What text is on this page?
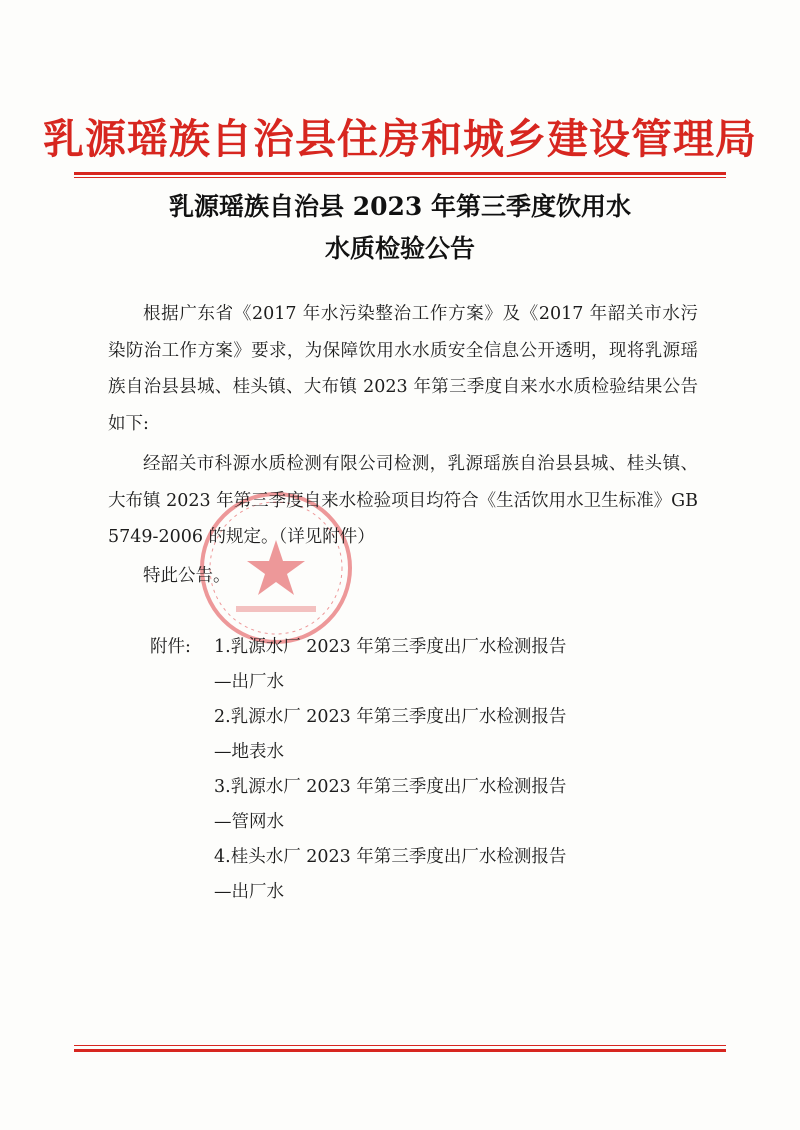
乳源瑶族自治县住房和城乡建设管理局
乳源瑶族自治县 2023 年第三季度饮用水
水质检验公告

根据广东省《2017 年水污染整治工作方案》及《2017 年韶关市水污染防治工作方案》要求，为保障饮用水水质安全信息公开透明，现将乳源瑶族自治县县城、桂头镇、大布镇 2023 年第三季度自来水水质检验结果公告如下:

经韶关市科源水质检测有限公司检测，乳源瑶族自治县县城、桂头镇、大布镇 2023 年第三季度自来水检验项目均符合《生活饮用水卫生标准》GB 5749-2006 的规定。（详见附件）

特此公告。

附件: 1.乳源水厂 2023 年第三季度出厂水检测报告
—出厂水
2.乳源水厂 2023 年第三季度出厂水检测报告
—地表水
3.乳源水厂 2023 年第三季度出厂水检测报告
—管网水
4.桂头水厂 2023 年第三季度出厂水检测报告
—出厂水
